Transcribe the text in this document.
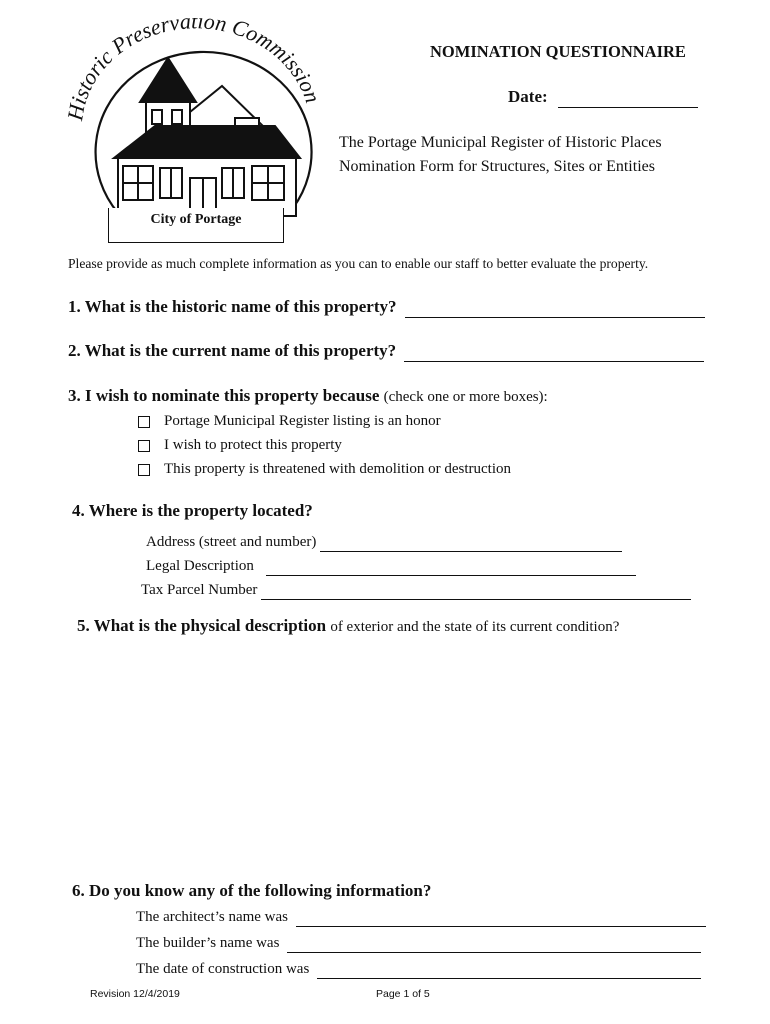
Historic Preservation Commission
City of Portage
NOMINATION QUESTIONNAIRE
Date:
The Portage Municipal Register of Historic Places
Nomination Form for Structures, Sites or Entities
Please provide as much complete information as you can to enable our staff to better evaluate the property.
1. What is the historic name of this property?
2. What is the current name of this property?
3. I wish to nominate this property because (check one or more boxes):
Portage Municipal Register listing is an honor
I wish to protect this property
This property is threatened with demolition or destruction
4. Where is the property located?
Address (street and number)
Legal Description
Tax Parcel Number
5. What is the physical description of exterior and the state of its current condition?
6. Do you know any of the following information?
The architect’s name was
The builder’s name was
The date of construction was
Revision 12/4/2019	Page 1 of 5
